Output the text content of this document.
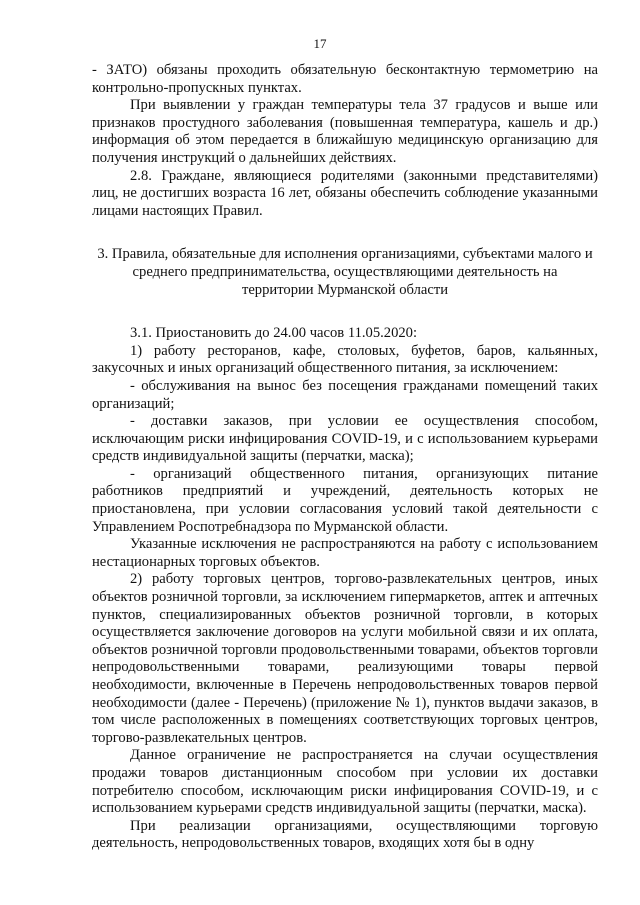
17

- ЗАТО) обязаны проходить обязательную бесконтактную термометрию на контрольно-пропускных пунктах.

При выявлении у граждан температуры тела 37 градусов и выше или признаков простудного заболевания (повышенная температура, кашель и др.) информация об этом передается в ближайшую медицинскую организацию для получения инструкций о дальнейших действиях.

2.8. Граждане, являющиеся родителями (законными представителями) лиц, не достигших возраста 16 лет, обязаны обеспечить соблюдение указанными лицами настоящих Правил.

3. Правила, обязательные для исполнения организациями, субъектами малого и среднего предпринимательства, осуществляющими деятельность на территории Мурманской области

3.1. Приостановить до 24.00 часов 11.05.2020:

1) работу ресторанов, кафе, столовых, буфетов, баров, кальянных, закусочных и иных организаций общественного питания, за исключением:

- обслуживания на вынос без посещения гражданами помещений таких организаций;

- доставки заказов, при условии ее осуществления способом, исключающим риски инфицирования COVID-19, и с использованием курьерами средств индивидуальной защиты (перчатки, маска);

- организаций общественного питания, организующих питание работников предприятий и учреждений, деятельность которых не приостановлена, при условии согласования условий такой деятельности с Управлением Роспотребнадзора по Мурманской области.

Указанные исключения не распространяются на работу с использованием нестационарных торговых объектов.

2) работу торговых центров, торгово-развлекательных центров, иных объектов розничной торговли, за исключением гипермаркетов, аптек и аптечных пунктов, специализированных объектов розничной торговли, в которых осуществляется заключение договоров на услуги мобильной связи и их оплата, объектов розничной торговли продовольственными товарами, объектов торговли непродовольственными товарами, реализующими товары первой необходимости, включенные в Перечень непродовольственных товаров первой необходимости (далее - Перечень) (приложение № 1), пунктов выдачи заказов, в том числе расположенных в помещениях соответствующих торговых центров, торгово-развлекательных центров.

Данное ограничение не распространяется на случаи осуществления продажи товаров дистанционным способом при условии их доставки потребителю способом, исключающим риски инфицирования COVID-19, и с использованием курьерами средств индивидуальной защиты (перчатки, маска).

При реализации организациями, осуществляющими торговую деятельность, непродовольственных товаров, входящих хотя бы в одну
